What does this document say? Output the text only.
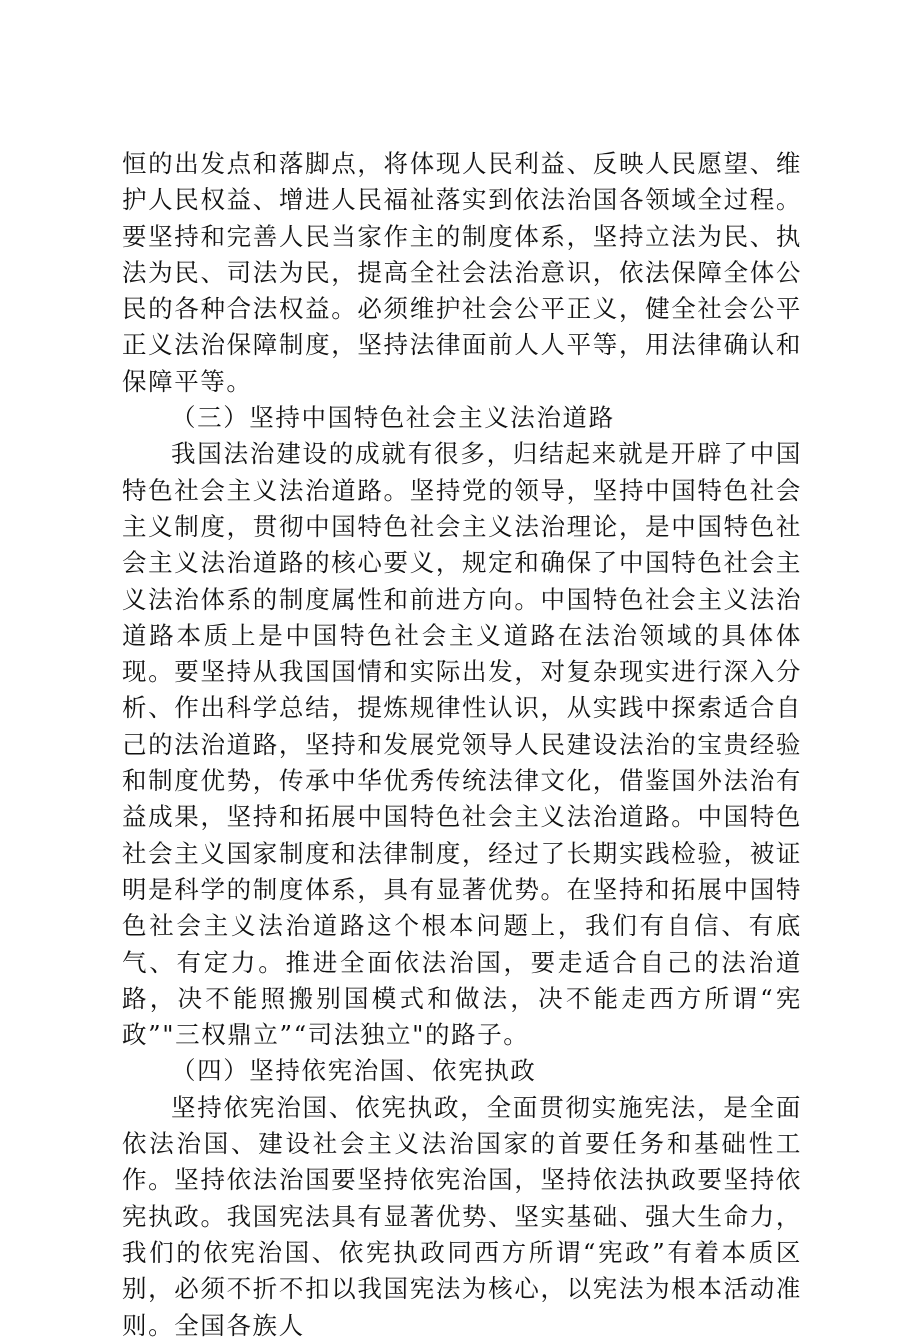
恒的出发点和落脚点，将体现人民利益、反映人民愿望、维护人民权益、增进人民福祉落实到依法治国各领域全过程。要坚持和完善人民当家作主的制度体系，坚持立法为民、执法为民、司法为民，提高全社会法治意识，依法保障全体公民的各种合法权益。必须维护社会公平正义，健全社会公平正义法治保障制度，坚持法律面前人人平等，用法律确认和保障平等。

（三）坚持中国特色社会主义法治道路

我国法治建设的成就有很多，归结起来就是开辟了中国特色社会主义法治道路。坚持党的领导，坚持中国特色社会主义制度，贯彻中国特色社会主义法治理论，是中国特色社会主义法治道路的核心要义，规定和确保了中国特色社会主义法治体系的制度属性和前进方向。中国特色社会主义法治道路本质上是中国特色社会主义道路在法治领域的具体体现。要坚持从我国国情和实际出发，对复杂现实进行深入分析、作出科学总结，提炼规律性认识，从实践中探索适合自己的法治道路，坚持和发展党领导人民建设法治的宝贵经验和制度优势，传承中华优秀传统法律文化，借鉴国外法治有益成果，坚持和拓展中国特色社会主义法治道路。中国特色社会主义国家制度和法律制度，经过了长期实践检验，被证明是科学的制度体系，具有显著优势。在坚持和拓展中国特色社会主义法治道路这个根本问题上，我们有自信、有底气、有定力。推进全面依法治国，要走适合自己的法治道路，决不能照搬别国模式和做法，决不能走西方所谓“宪政”"三权鼎立”“司法独立"的路子。

（四）坚持依宪治国、依宪执政

坚持依宪治国、依宪执政，全面贯彻实施宪法，是全面依法治国、建设社会主义法治国家的首要任务和基础性工作。坚持依法治国要坚持依宪治国，坚持依法执政要坚持依宪执政。我国宪法具有显著优势、坚实基础、强大生命力，我们的依宪治国、依宪执政同西方所谓“宪政”有着本质区别，必须不折不扣以我国宪法为核心，以宪法为根本活动准则。全国各族人
